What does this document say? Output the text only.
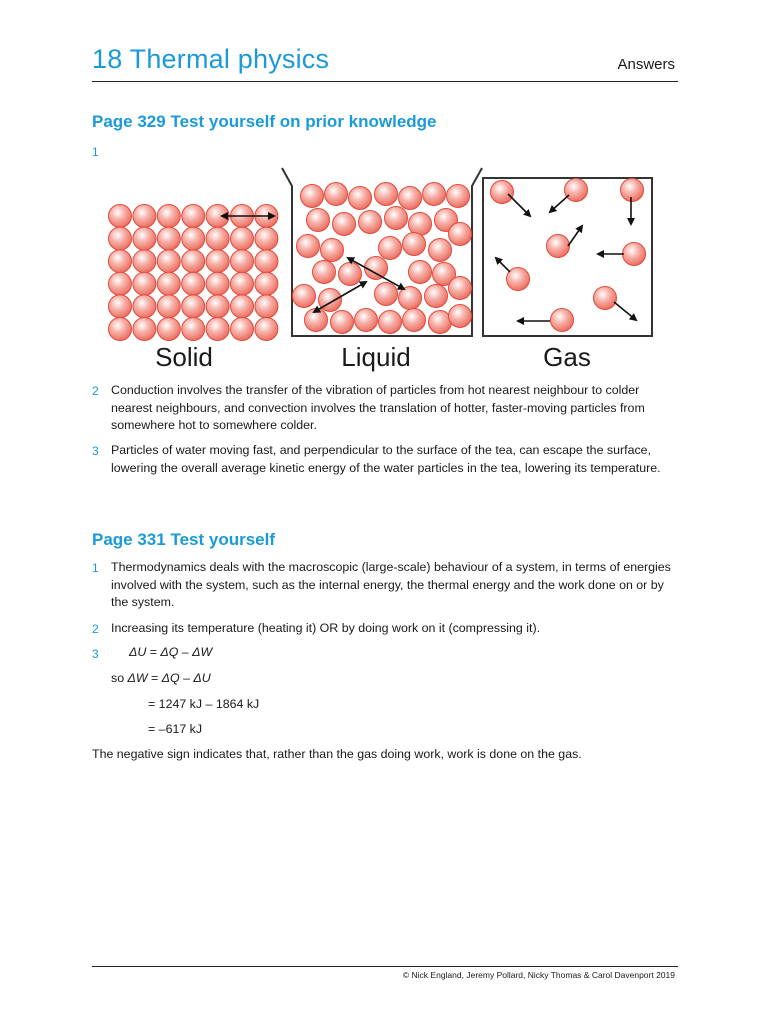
18 Thermal physics	Answers
Page 329 Test yourself on prior knowledge
1
Solid	Liquid	Gas
2 Conduction involves the transfer of the vibration of particles from hot nearest neighbour to colder nearest neighbours, and convection involves the translation of hotter, faster-moving particles from somewhere hot to somewhere colder.
3 Particles of water moving fast, and perpendicular to the surface of the tea, can escape the surface, lowering the overall average kinetic energy of the water particles in the tea, lowering its temperature.
Page 331 Test yourself
1 Thermodynamics deals with the macroscopic (large-scale) behaviour of a system, in terms of energies involved with the system, such as the internal energy, the thermal energy and the work done on or by the system.
2 Increasing its temperature (heating it) OR by doing work on it (compressing it).
3 ΔU = ΔQ – ΔW
so ΔW = ΔQ – ΔU
= 1247 kJ – 1864 kJ
= –617 kJ
The negative sign indicates that, rather than the gas doing work, work is done on the gas.
© Nick England, Jeremy Pollard, Nicky Thomas & Carol Davenport 2019
